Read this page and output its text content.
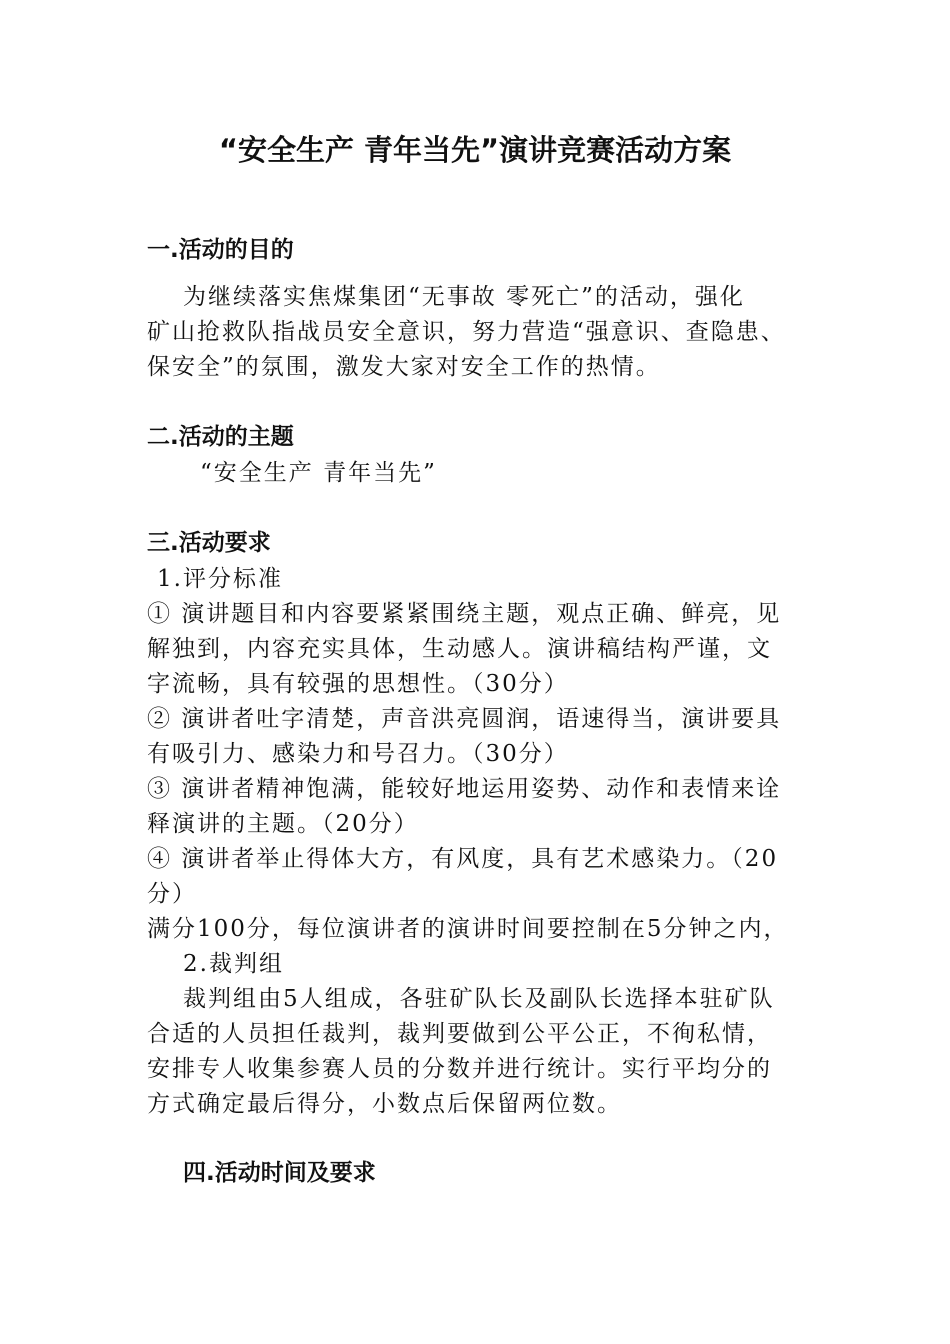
“安全生产 青年当先”演讲竞赛活动方案
一.活动的目的
为继续落实焦煤集团“无事故 零死亡”的活动，强化
矿山抢救队指战员安全意识，努力营造“强意识、查隐患、
保安全”的氛围，激发大家对安全工作的热情。
二.活动的主题
“安全生产 青年当先”
三.活动要求
1.评分标准
① 演讲题目和内容要紧紧围绕主题，观点正确、鲜亮，见
解独到，内容充实具体，生动感人。演讲稿结构严谨，文
字流畅，具有较强的思想性。（30分）
② 演讲者吐字清楚，声音洪亮圆润，语速得当，演讲要具
有吸引力、感染力和号召力。（30分）
③ 演讲者精神饱满，能较好地运用姿势、动作和表情来诠
释演讲的主题。（20分）
④ 演讲者举止得体大方，有风度，具有艺术感染力。（20
分）
满分100分，每位演讲者的演讲时间要控制在5分钟之内，
2.裁判组
裁判组由5人组成，各驻矿队长及副队长选择本驻矿队
合适的人员担任裁判，裁判要做到公平公正，不徇私情，
安排专人收集参赛人员的分数并进行统计。实行平均分的
方式确定最后得分，小数点后保留两位数。
四.活动时间及要求
